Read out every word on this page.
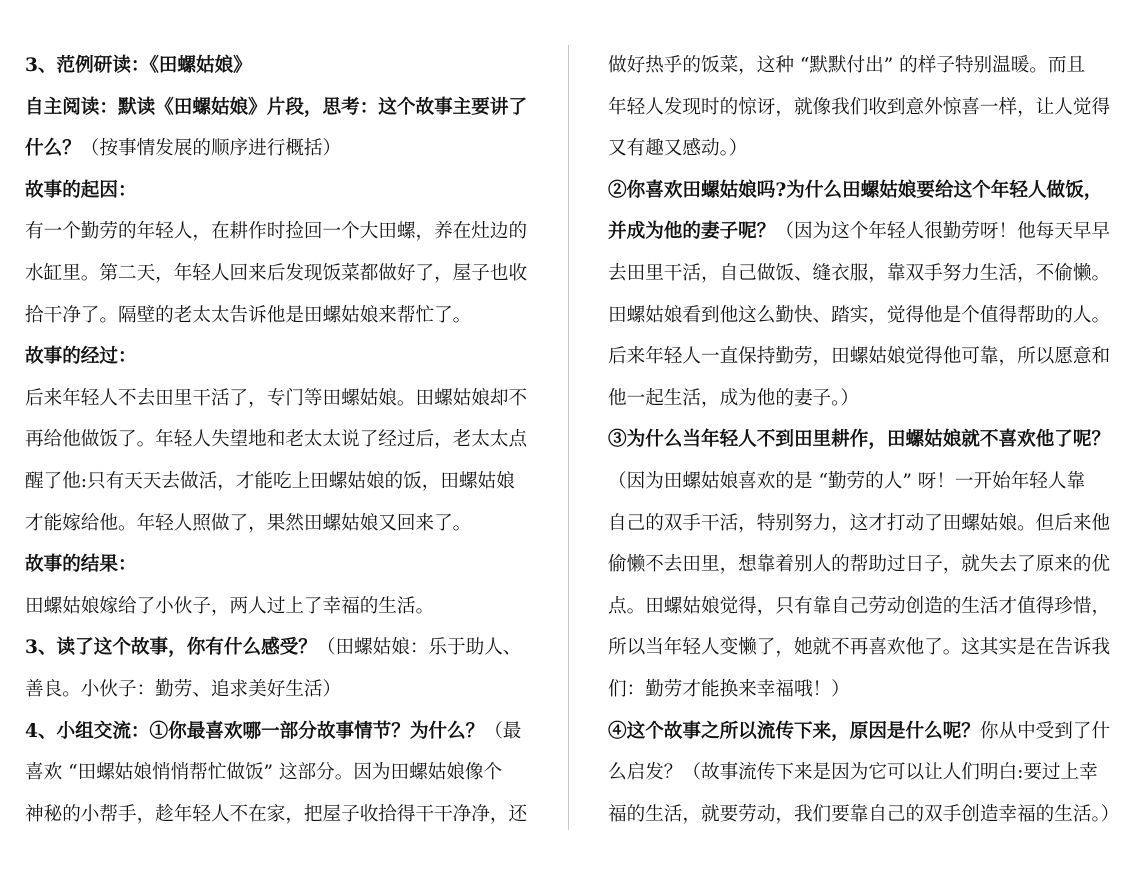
3、范例研读：《田螺姑娘》
自主阅读：默读《田螺姑娘》片段，思考：这个故事主要讲了
什么？（按事情发展的顺序进行概括）
故事的起因：
有一个勤劳的年轻人，在耕作时捡回一个大田螺，养在灶边的
水缸里。第二天，年轻人回来后发现饭菜都做好了，屋子也收
拾干净了。隔壁的老太太告诉他是田螺姑娘来帮忙了。
故事的经过：
后来年轻人不去田里干活了，专门等田螺姑娘。田螺姑娘却不
再给他做饭了。年轻人失望地和老太太说了经过后，老太太点
醒了他:只有天天去做活，才能吃上田螺姑娘的饭，田螺姑娘
才能嫁给他。年轻人照做了，果然田螺姑娘又回来了。
故事的结果：
田螺姑娘嫁给了小伙子，两人过上了幸福的生活。
3、读了这个故事，你有什么感受？（田螺姑娘：乐于助人、
善良。小伙子：勤劳、追求美好生活）
4、小组交流：①你最喜欢哪一部分故事情节？为什么？（最
喜欢 “田螺姑娘悄悄帮忙做饭” 这部分。因为田螺姑娘像个
神秘的小帮手，趁年轻人不在家，把屋子收拾得干干净净，还
做好热乎的饭菜，这种 “默默付出” 的样子特别温暖。而且
年轻人发现时的惊讶，就像我们收到意外惊喜一样，让人觉得
又有趣又感动。）
②你喜欢田螺姑娘吗?为什么田螺姑娘要给这个年轻人做饭，
并成为他的妻子呢？（因为这个年轻人很勤劳呀！他每天早早
去田里干活，自己做饭、缝衣服，靠双手努力生活，不偷懒。
田螺姑娘看到他这么勤快、踏实，觉得他是个值得帮助的人。
后来年轻人一直保持勤劳，田螺姑娘觉得他可靠，所以愿意和
他一起生活，成为他的妻子。）
③为什么当年轻人不到田里耕作，田螺姑娘就不喜欢他了呢？
（因为田螺姑娘喜欢的是 “勤劳的人” 呀！一开始年轻人靠
自己的双手干活，特别努力，这才打动了田螺姑娘。但后来他
偷懒不去田里，想靠着别人的帮助过日子，就失去了原来的优
点。田螺姑娘觉得，只有靠自己劳动创造的生活才值得珍惜，
所以当年轻人变懒了，她就不再喜欢他了。这其实是在告诉我
们：勤劳才能换来幸福哦！）
④这个故事之所以流传下来，原因是什么呢？你从中受到了什
么启发？（故事流传下来是因为它可以让人们明白:要过上幸
福的生活，就要劳动，我们要靠自己的双手创造幸福的生活。）
